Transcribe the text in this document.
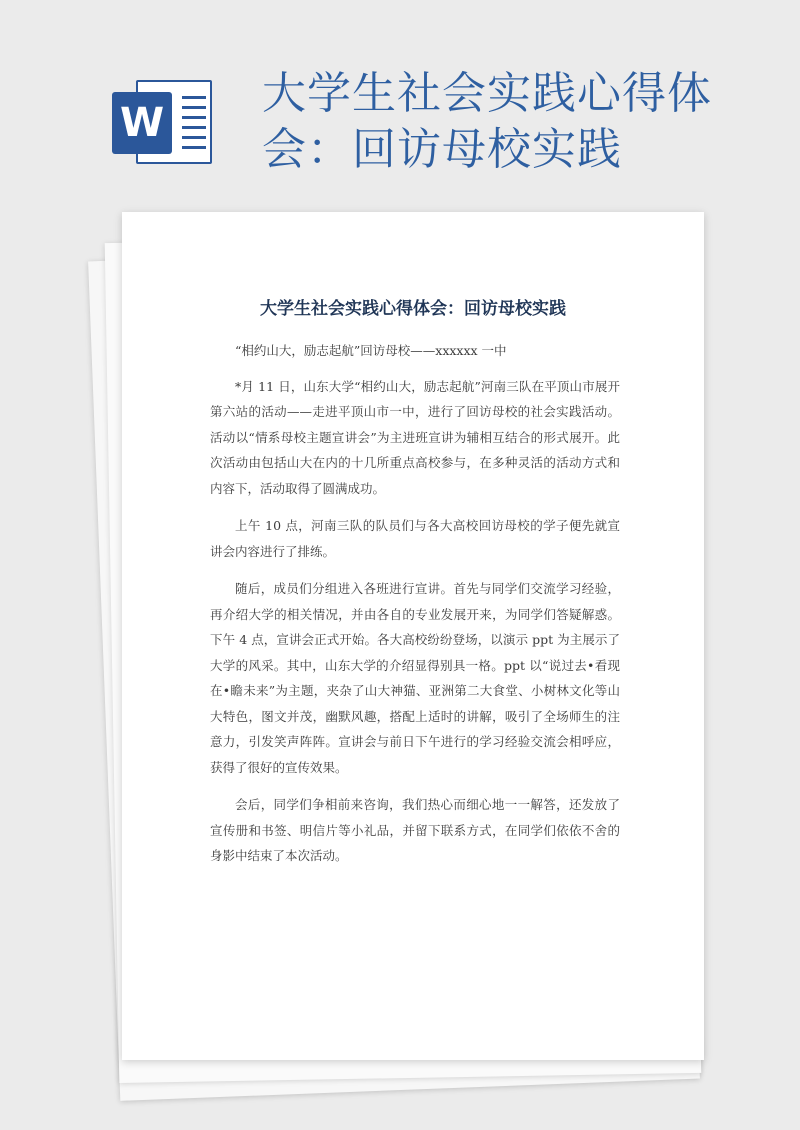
W
大学生社会实践心得体会：回访母校实践
大学生社会实践心得体会：回访母校实践

“相约山大，励志起航”回访母校——xxxxxx 一中

*月 11 日，山东大学“相约山大，励志起航”河南三队在平顶山市展开第六站的活动——走进平顶山市一中，进行了回访母校的社会实践活动。活动以“情系母校主题宣讲会”为主进班宣讲为辅相互结合的形式展开。此次活动由包括山大在内的十几所重点高校参与，在多种灵活的活动方式和内容下，活动取得了圆满成功。

上午 10 点，河南三队的队员们与各大高校回访母校的学子便先就宣讲会内容进行了排练。

随后，成员们分组进入各班进行宣讲。首先与同学们交流学习经验，再介绍大学的相关情况，并由各自的专业发展开来，为同学们答疑解惑。下午 4 点，宣讲会正式开始。各大高校纷纷登场，以演示 ppt 为主展示了大学的风采。其中，山东大学的介绍显得别具一格。ppt 以“说过去•看现在•瞻未来”为主题，夹杂了山大神猫、亚洲第二大食堂、小树林文化等山大特色，图文并茂，幽默风趣，搭配上适时的讲解，吸引了全场师生的注意力，引发笑声阵阵。宣讲会与前日下午进行的学习经验交流会相呼应，获得了很好的宣传效果。

会后，同学们争相前来咨询，我们热心而细心地一一解答，还发放了宣传册和书签、明信片等小礼品，并留下联系方式，在同学们依依不舍的身影中结束了本次活动。
